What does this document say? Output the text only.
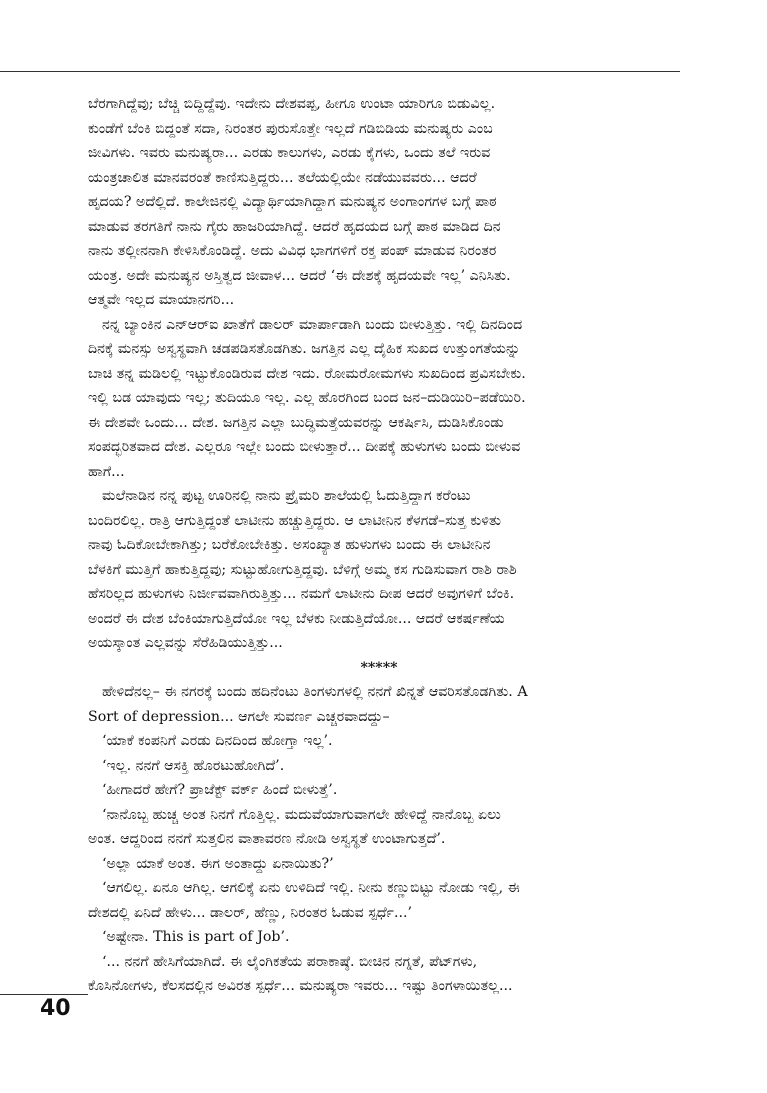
ಬೆರಗಾಗಿದ್ದೆವು; ಬೆಚ್ಚಿ ಬಿದ್ದಿದ್ದೆವು. ಇದೇನು ದೇಶವಪ್ಪ, ಹೀಗೂ ಉಂಟಾ ಯಾರಿಗೂ ಬಿಡುವಿಲ್ಲ.
ಕುಂಡೆಗೆ ಬೆಂಕಿ ಬಿದ್ದಂತೆ ಸದಾ, ನಿರಂತರ ಪುರುಸೊತ್ತೇ ಇಲ್ಲದೆ ಗಡಿಬಿಡಿಯ ಮನುಷ್ಯರು ಎಂಬ
ಜೀವಿಗಳು. ಇವರು ಮನುಷ್ಯರಾ... ಎರಡು ಕಾಲುಗಳು, ಎರಡು ಕೈಗಳು, ಒಂದು ತಲೆ ಇರುವ
ಯಂತ್ರಚಾಲಿತ ಮಾನವರಂತೆ ಕಾಣಿಸುತ್ತಿದ್ದರು... ತಲೆಯಲ್ಲಿಯೇ ನಡೆಯುವವರು... ಆದರೆ
ಹೃದಯ? ಅದೆಲ್ಲಿದೆ. ಕಾಲೇಜಿನಲ್ಲಿ ವಿದ್ಯಾರ್ಥಿಯಾಗಿದ್ದಾಗ ಮನುಷ್ಯನ ಅಂಗಾಂಗಗಳ ಬಗ್ಗೆ ಪಾಠ
ಮಾಡುವ ತರಗತಿಗೆ ನಾನು ಗೈರು ಹಾಜರಿಯಾಗಿದ್ದೆ. ಆದರೆ ಹೃದಯದ ಬಗ್ಗೆ ಪಾಠ ಮಾಡಿದ ದಿನ
ನಾನು ತಲ್ಲೀನನಾಗಿ ಕೇಳಿಸಿಕೊಂಡಿದ್ದೆ. ಅದು ವಿವಿಧ ಭಾಗಗಳಿಗೆ ರಕ್ತ ಪಂಪ್ ಮಾಡುವ ನಿರಂತರ
ಯಂತ್ರ. ಅದೇ ಮನುಷ್ಯನ ಅಸ್ತಿತ್ವದ ಜೀವಾಳ... ಆದರೆ ‘ಈ ದೇಶಕ್ಕೆ ಹೃದಯವೇ ಇಲ್ಲ’ ಎನಿಸಿತು.
ಆತ್ಮವೇ ಇಲ್ಲದ ಮಾಯಾನಗರಿ...
ನನ್ನ ಬ್ಯಾಂಕಿನ ಎನ್‌ಆರ್‌ಐ ಖಾತೆಗೆ ಡಾಲರ್ ಮಾರ್ಪಾಡಾಗಿ ಬಂದು ಬೀಳುತ್ತಿತ್ತು. ಇಲ್ಲಿ ದಿನದಿಂದ
ದಿನಕ್ಕೆ ಮನಸ್ಸು ಅಸ್ವಸ್ಥವಾಗಿ ಚಡಪಡಿಸತೊಡಗಿತು. ಜಗತ್ತಿನ ಎಲ್ಲ ದೈಹಿಕ ಸುಖದ ಉತ್ತುಂಗತೆಯನ್ನು
ಬಾಚಿ ತನ್ನ ಮಡಿಲಲ್ಲಿ ಇಟ್ಟುಕೊಂಡಿರುವ ದೇಶ ಇದು. ರೋಮರೋಮಗಳು ಸುಖದಿಂದ ಪ್ರವಿಸಬೇಕು.
ಇಲ್ಲಿ ಬಡ ಯಾವುದು ಇಲ್ಲ; ತುದಿಯೂ ಇಲ್ಲ. ಎಲ್ಲ ಹೊರಗಿಂದ ಬಂದ ಜನ–ದುಡಿಯಿರಿ–ಪಡೆಯಿರಿ.
ಈ ದೇಶವೇ ಒಂದು... ದೇಶ. ಜಗತ್ತಿನ ಎಲ್ಲಾ ಬುದ್ಧಿಮತ್ತೆಯವರನ್ನು ಆಕರ್ಷಿಸಿ, ದುಡಿಸಿಕೊಂಡು
ಸಂಪದ್ಭರಿತವಾದ ದೇಶ. ಎಲ್ಲರೂ ಇಲ್ಲೇ ಬಂದು ಬೀಳುತ್ತಾರೆ... ದೀಪಕ್ಕೆ ಹುಳುಗಳು ಬಂದು ಬೀಳುವ
ಹಾಗೆ...
ಮಲೆನಾಡಿನ ನನ್ನ ಪುಟ್ಟ ಊರಿನಲ್ಲಿ ನಾನು ಪ್ರೈಮರಿ ಶಾಲೆಯಲ್ಲಿ ಓದುತ್ತಿದ್ದಾಗ ಕರೆಂಟು
ಬಂದಿರಲಿಲ್ಲ. ರಾತ್ರಿ ಆಗುತ್ತಿದ್ದಂತೆ ಲಾಟೀನು ಹಚ್ಚುತ್ತಿದ್ದರು. ಆ ಲಾಟೀನಿನ ಕೆಳಗಡೆ–ಸುತ್ತ ಕುಳಿತು
ನಾವು ಓದಿಕೋಬೇಕಾಗಿತ್ತು; ಬರೆಕೋಬೇಕಿತ್ತು. ಅಸಂಖ್ಯಾತ ಹುಳುಗಳು ಬಂದು ಈ ಲಾಟೀನಿನ
ಬೆಳಕಿಗೆ ಮುತ್ತಿಗೆ ಹಾಕುತ್ತಿದ್ದವು; ಸುಟ್ಟುಹೋಗುತ್ತಿದ್ದವು. ಬೆಳಿಗ್ಗೆ ಅಮ್ಮ ಕಸ ಗುಡಿಸುವಾಗ ರಾಶಿ ರಾಶಿ
ಹೆಸರಿಲ್ಲದ ಹುಳುಗಳು ನಿರ್ಜೀವವಾಗಿರುತ್ತಿತ್ತು... ನಮಗೆ ಲಾಟೀನು ದೀಪ ಆದರೆ ಅವುಗಳಿಗೆ ಬೆಂಕಿ.
ಅಂದರೆ ಈ ದೇಶ ಬೆಂಕಿಯಾಗುತ್ತಿದೆಯೋ ಇಲ್ಲ ಬೆಳಕು ನೀಡುತ್ತಿದೆಯೋ... ಆದರೆ ಆಕರ್ಷಣೆಯ
ಅಯಸ್ಕಾಂತ ಎಲ್ಲವನ್ನು ಸೆರೆಹಿಡಿಯುತ್ತಿತ್ತು...
*****
ಹೇಳಿದೆನಲ್ಲ– ಈ ನಗರಕ್ಕೆ ಬಂದು ಹದಿನೆಂಟು ತಿಂಗಳುಗಳಲ್ಲಿ ನನಗೆ ಖಿನ್ನತೆ ಆವರಿಸತೊಡಗಿತು. A
Sort of depression... ಆಗಲೇ ಸುವರ್ಣ ಎಚ್ಚರವಾದದ್ದು–
‘ಯಾಕೆ ಕಂಪನಿಗೆ ಎರಡು ದಿನದಿಂದ ಹೋಗ್ತಾ ಇಲ್ಲ’.
‘ಇಲ್ಲ. ನನಗೆ ಆಸಕ್ತಿ ಹೊರಟುಹೋಗಿದೆ’.
‘ಹೀಗಾದರೆ ಹೇಗೆ? ಪ್ರಾಜೆಕ್ಟ್ ವರ್ಕ್ ಹಿಂದೆ ಬೀಳುತ್ತೆ’.
‘ನಾನೊಬ್ಬ ಹುಚ್ಚ ಅಂತ ನಿನಗೆ ಗೊತ್ತಿಲ್ಲ. ಮದುವೆಯಾಗುವಾಗಲೇ ಹೇಳಿದ್ದೆ ನಾನೊಬ್ಬ ಏಲು
ಅಂತ. ಆದ್ದರಿಂದ ನನಗೆ ಸುತ್ತಲಿನ ವಾತಾವರಣ ನೋಡಿ ಅಸ್ವಸ್ಥತೆ ಉಂಟಾಗುತ್ತದೆ’.
‘ಅಲ್ಲಾ ಯಾಕೆ ಅಂತ. ಈಗ ಅಂತಾದ್ದು ಏನಾಯಿತು?’
‘ಆಗಲಿಲ್ಲ. ಏನೂ ಆಗಿಲ್ಲ. ಆಗಲಿಕ್ಕೆ ಏನು ಉಳಿದಿದೆ ಇಲ್ಲಿ. ನೀನು ಕಣ್ಣುಬಿಟ್ಟು ನೋಡು ಇಲ್ಲಿ, ಈ
ದೇಶದಲ್ಲಿ ಏನಿದೆ ಹೇಳು... ಡಾಲರ್, ಹೆಣ್ಣು, ನಿರಂತರ ಓಡುವ ಸ್ಪರ್ಧೆ...’
‘ಅಷ್ಟೇನಾ. This is part of Job’.
‘... ನನಗೆ ಹೇಸಿಗೆಯಾಗಿದೆ. ಈ ಲೈಂಗಿಕತೆಯ ಪರಾಕಾಷ್ಠೆ. ಬೀಚಿನ ನಗ್ನತೆ, ಪೆಟ್‌ಗಳು,
ಕೊಸಿನೋಗಳು, ಕೆಲಸದಲ್ಲಿನ ಅವಿರತ ಸ್ಪರ್ಧೆ... ಮನುಷ್ಯರಾ ಇವರು... ಇಷ್ಟು ತಿಂಗಳಾಯಿತಲ್ಲ...
40
